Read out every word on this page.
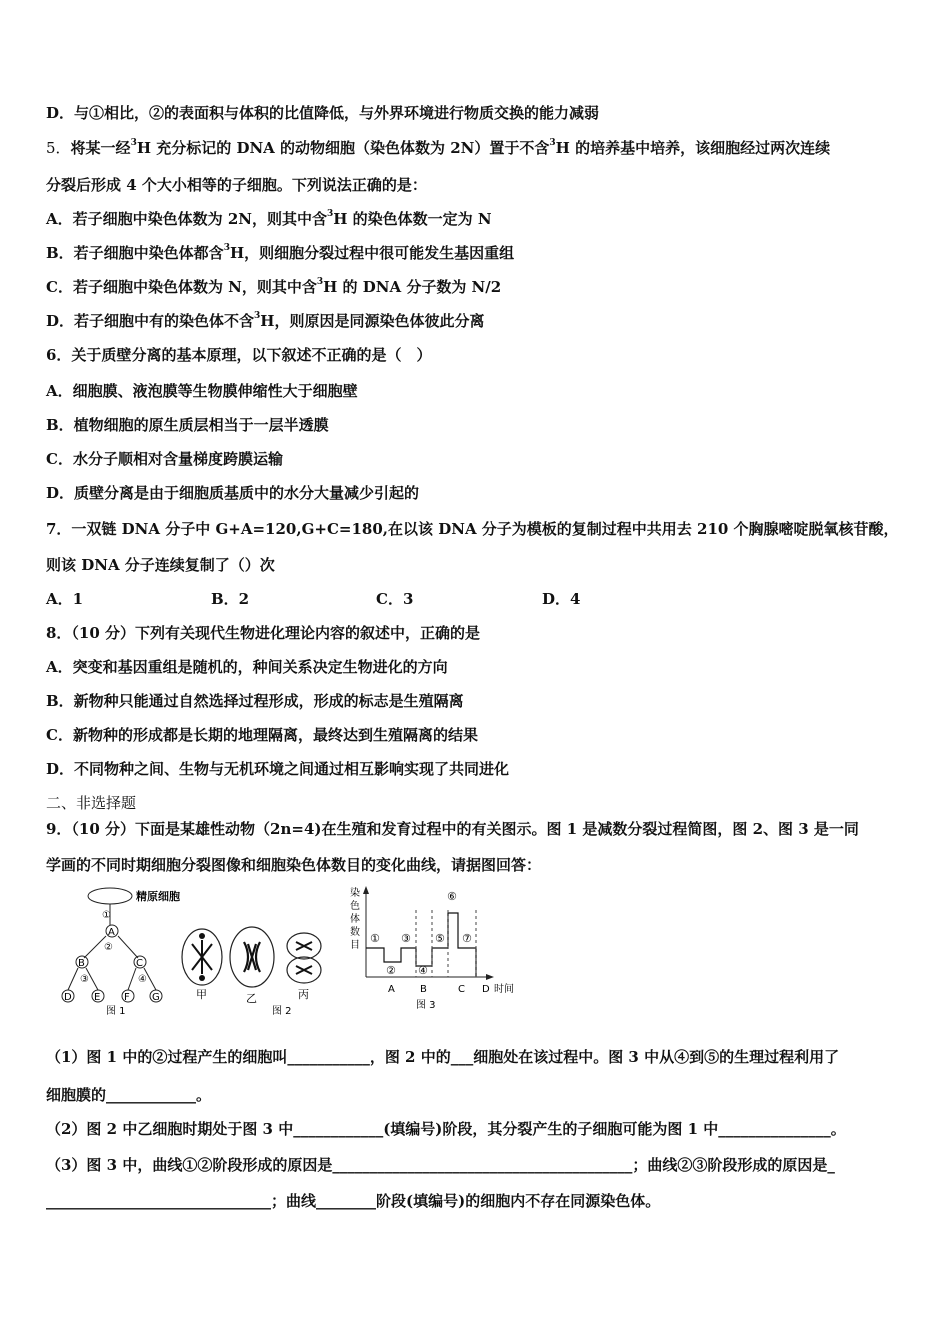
D．与①相比，②的表面积与体积的比值降低，与外界环境进行物质交换的能力减弱
5．将某一经$^3$H 充分标记的 DNA 的动物细胞（染色体数为 2N）置于不含$^3$H 的培养基中培养，该细胞经过两次连续
分裂后形成 4 个大小相等的子细胞。下列说法正确的是：
A．若子细胞中染色体数为 2N，则其中含$^3$H 的染色体数一定为 N
B．若子细胞中染色体都含$^3$H，则细胞分裂过程中很可能发生基因重组
C．若子细胞中染色体数为 N，则其中含$^3$H 的 DNA 分子数为 N/2
D．若子细胞中有的染色体不含$^3$H，则原因是同源染色体彼此分离
6．关于质壁分离的基本原理，以下叙述不正确的是（　）
A．细胞膜、液泡膜等生物膜伸缩性大于细胞壁
B．植物细胞的原生质层相当于一层半透膜
C．水分子顺相对含量梯度跨膜运输
D．质壁分离是由于细胞质基质中的水分大量减少引起的
7．一双链 DNA 分子中 G+A=120,G+C=180,在以该 DNA 分子为模板的复制过程中共用去 210 个胸腺嘧啶脱氧核苷酸，
则该 DNA 分子连续复制了（）次
A．1	B．2	C．3	D．4
8．（10 分）下列有关现代生物进化理论内容的叙述中，正确的是
A．突变和基因重组是随机的，种间关系决定生物进化的方向
B．新物种只能通过自然选择过程形成，形成的标志是生殖隔离
C．新物种的形成都是长期的地理隔离，最终达到生殖隔离的结果
D．不同物种之间、生物与无机环境之间通过相互影响实现了共同进化
二、非选择题
9．（10 分）下面是某雄性动物（2n=4)在生殖和发育过程中的有关图示。图 1 是减数分裂过程简图，图 2、图 3 是一同
学画的不同时期细胞分裂图像和细胞染色体数目的变化曲线，请据图回答：
精原细胞
①
A
②
B	C
③	④
D E F G
图 1
甲	乙	丙
图 2
染
色
体
数
目
①
②
③
④
⑤
⑥
⑦
A	B	C D 时间
图 3
（1）图 1 中的②过程产生的细胞叫___________，图 2 中的___细胞处在该过程中。图 3 中从④到⑤的生理过程利用了
细胞膜的____________。
（2）图 2 中乙细胞时期处于图 3 中____________(填编号)阶段，其分裂产生的子细胞可能为图 1 中_______________。
（3）图 3 中，曲线①②阶段形成的原因是________________________________________；曲线②③阶段形成的原因是_
______________________________；曲线________阶段(填编号)的细胞内不存在同源染色体。
